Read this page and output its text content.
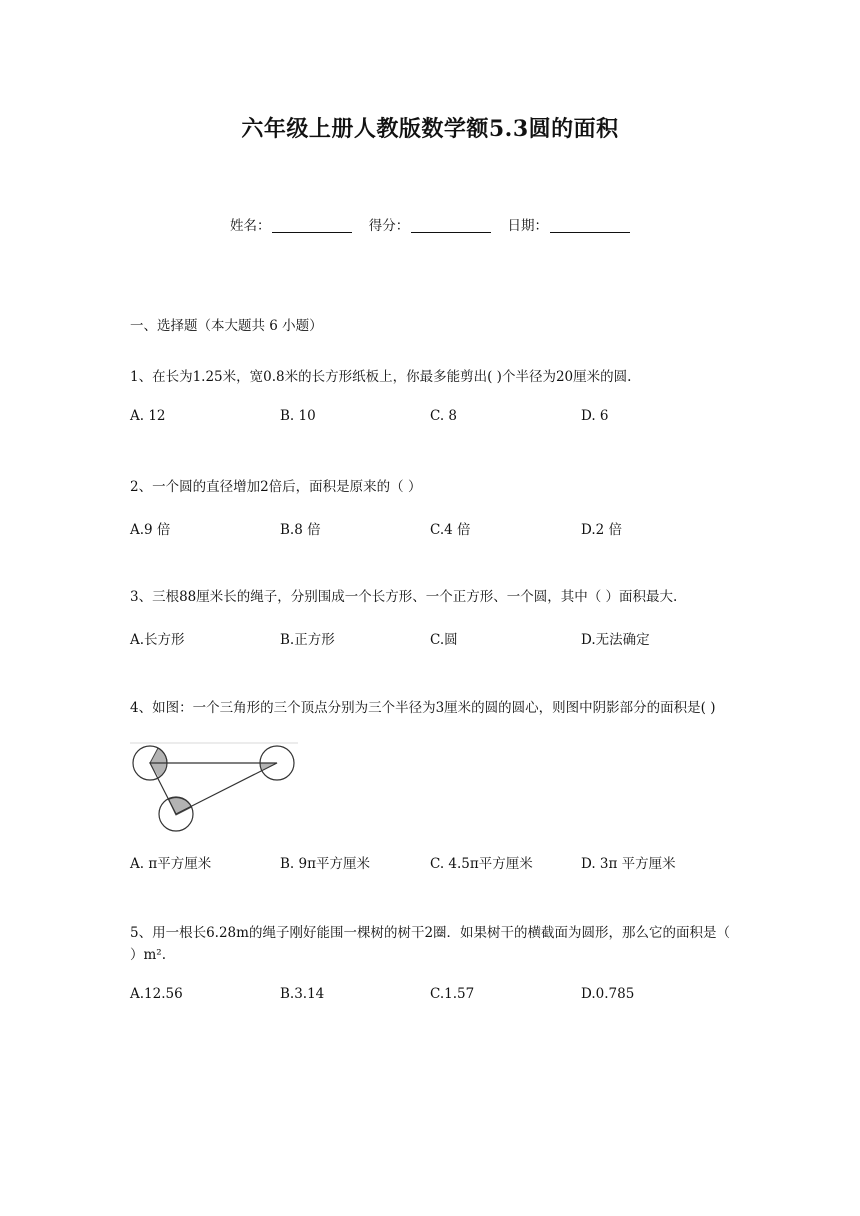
六年级上册人教版数学额5.3圆的面积
姓名：	得分：	日期：
一、选择题（本大题共 6 小题）
1、在长为1.25米，宽0.8米的长方形纸板上，你最多能剪出( )个半径为20厘米的圆.
A. 12	B. 10	C. 8	D. 6
2、一个圆的直径增加2倍后，面积是原来的（ ）
A.9 倍	B.8 倍	C.4 倍	D.2 倍
3、三根88厘米长的绳子，分别围成一个长方形、一个正方形、一个圆，其中（ ）面积最大.
A.长方形	B.正方形	C.圆	D.无法确定
4、如图：一个三角形的三个顶点分别为三个半径为3厘米的圆的圆心，则图中阴影部分的面积是( )
A. π平方厘米	B. 9π平方厘米	C. 4.5π平方厘米	D. 3π 平方厘米
5、用一根长6.28m的绳子刚好能围一棵树的树干2圈．如果树干的横截面为圆形，那么它的面积是（ ）m².
A.12.56	B.3.14	C.1.57	D.0.785
